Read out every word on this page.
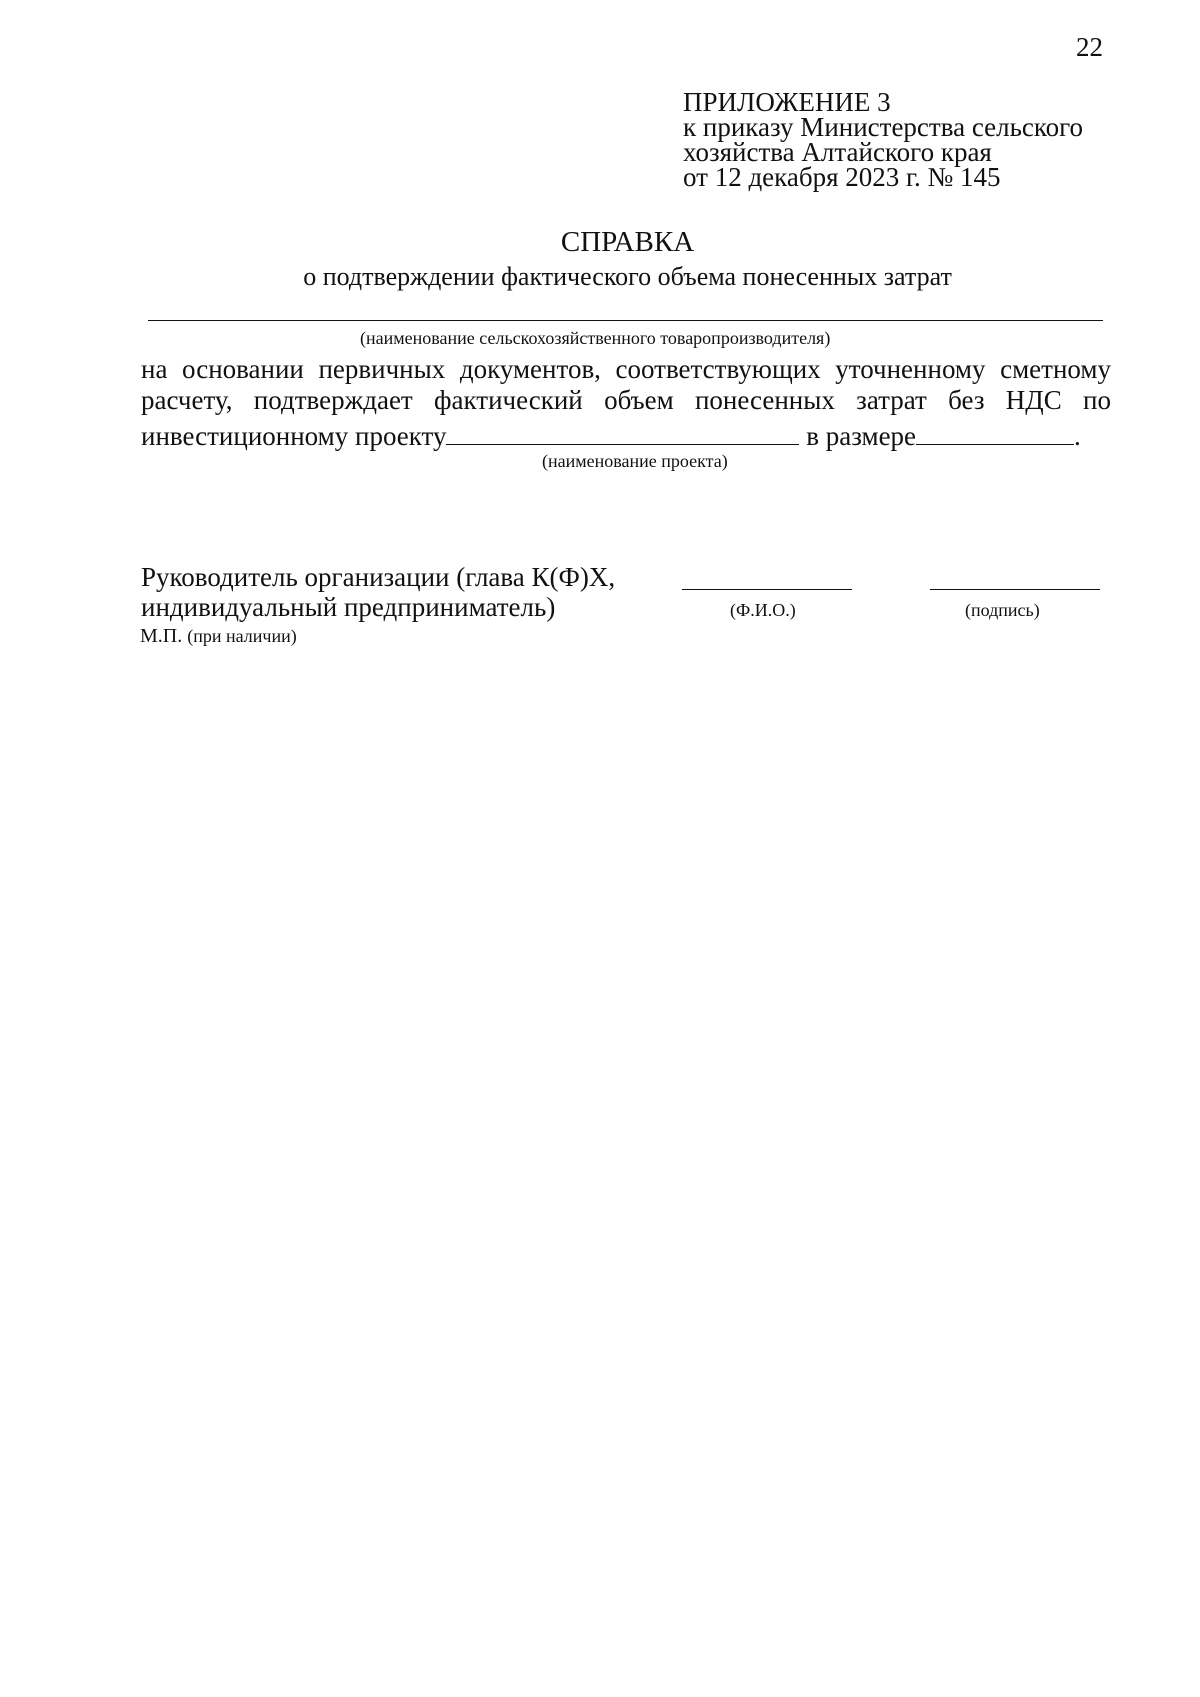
22
ПРИЛОЖЕНИЕ 3
к приказу Министерства сельского
хозяйства Алтайского края
от 12 декабря 2023 г. № 145
СПРАВКА
о подтверждении фактического объема понесенных затрат
(наименование сельскохозяйственного товаропроизводителя)
на основании первичных документов, соответствующих уточненному сметному
расчету, подтверждает фактический объем понесенных затрат без НДС по
инвестиционному проекту	в размере	.
(наименование проекта)
Руководитель организации (глава К(Ф)Х,
индивидуальный предприниматель)
М.П. (при наличии)
(Ф.И.О.)	(подпись)
